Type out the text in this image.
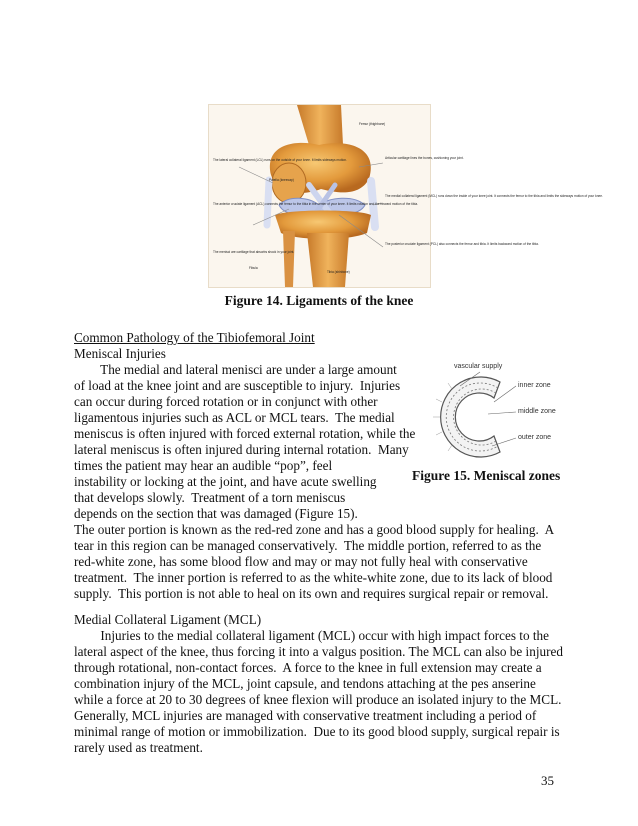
The lateral collateral ligament (LCL) runs on the outside of your knee. It limits sideways motion.
The anterior cruciate ligament (ACL) connects the femur to the tibia in the center of your knee. It limits rotation and the forward motion of the tibia.
The menisci are cartilage that absorbs shock in your joint.
Femur (thighbone)
Articular cartilage lines the bones, cushioning your joint.
The medial collateral ligament (MCL) runs down the inside of your knee joint. It connects the femur to the tibia and limits the sideways motion of your knee.
The posterior cruciate ligament (PCL) also connects the femur and tibia. It limits backward motion of the tibia.
Tibia (shinbone)
Patella (kneecap)
Fibula
Figure 14. Ligaments of the knee
Common Pathology of the Tibiofemoral Joint
Meniscal Injuries
The medial and lateral menisci are under a large amount
of load at the knee joint and are susceptible to injury.  Injuries
can occur during forced rotation or in conjunct with other
ligamentous injuries such as ACL or MCL tears.  The medial
meniscus is often injured with forced external rotation, while the
lateral meniscus is often injured during internal rotation.  Many
times the patient may hear an audible “pop”, feel
instability or locking at the joint, and have acute swelling
that develops slowly.  Treatment of a torn meniscus
depends on the section that was damaged (Figure 15).
The outer portion is known as the red-red zone and has a good blood supply for healing.  A
tear in this region can be managed conservatively.  The middle portion, referred to as the
red-white zone, has some blood flow and may or may not fully heal with conservative
treatment.  The inner portion is referred to as the white-white zone, due to its lack of blood
supply.  This portion is not able to heal on its own and requires surgical repair or removal.
Medial Collateral Ligament (MCL)
Injuries to the medial collateral ligament (MCL) occur with high impact forces to the
lateral aspect of the knee, thus forcing it into a valgus position. The MCL can also be injured
through rotational, non-contact forces.  A force to the knee in full extension may create a
combination injury of the MCL, joint capsule, and tendons attaching at the pes anserine
while a force at 20 to 30 degrees of knee flexion will produce an isolated injury to the MCL.
Generally, MCL injuries are managed with conservative treatment including a period of
minimal range of motion or immobilization.  Due to its good blood supply, surgical repair is
rarely used as treatment.
vascular supply
inner zone
middle zone
outer zone
Figure 15. Meniscal zones
35
